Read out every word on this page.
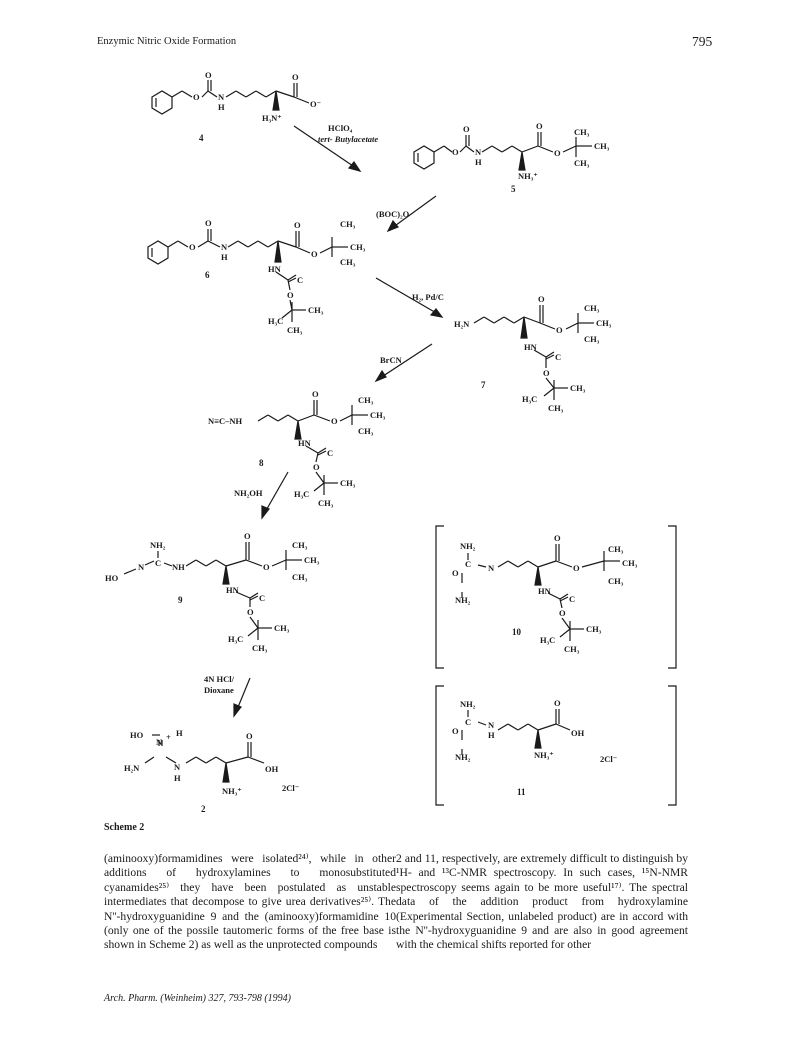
Enzymic Nitric Oxide Formation	795
HClO₄
tert- Butylacetate
(BOC)₂O
H₂, Pd/C
BrCN
NH₂OH
4N HCl/
Dioxane
O
O
N
H
O
O⁻
H₃N⁺
O
O
N
H
O
O
CH₃
CH₃
CH₃
NH₃⁺
O
O
N
H
O
O
CH₃
CH₃
CH₃
HN
C
O
CH₃
H₃C
CH₃
H₂N
O
O
CH₃
CH₃
CH₃
HN
C
O
CH₃
H₃C
CH₃
N≡C–NH
O
O
CH₃
CH₃
CH₃
HN
C
O
CH₃
H₃C
CH₃
NH₂
C
N	NH
HO
O
O
CH₃
CH₃
CH₃
HN
C
O
CH₃
H₃C
CH₃
HO	H
+
N
H₂N	N
H
O
OH
NH₃⁺	2Cl⁻
NH₂
C N
O
NH₂
O
O
CH₃
CH₃
CH₃
HN
C
O
CH₃
H₃C
CH₃
NH₂
C N
H
O
NH₂
O
OH
NH₃⁺	2Cl⁻
4
5
6
7
8
9
10
2
11
Scheme 2

(aminooxy)formamidines were isolated²⁴⁾, while in other additions of hydroxylamines to monosubstituted cyanamides²⁵⁾ they have been postulated as unstable intermediates that decompose to give urea derivatives²⁵⁾. The N''-hydroxyguanidine 9 and the (aminooxy)formamidine 10 (only one of the possile tautomeric forms of the free base is shown in Scheme 2) as well as the unprotected compounds

2 and 11, respectively, are extremely difficult to distinguish by ¹H- and ¹³C-NMR spectroscopy. In such cases, ¹⁵N-NMR spectroscopy seems again to be more useful¹⁷⁾. The spectral data of the addition product from hydroxylamine (Experimental Section, unlabeled product) are in accord with the N''-hydroxyguanidine 9 and are also in good agreement with the chemical shifts reported for other

Arch. Pharm. (Weinheim) 327, 793-798 (1994)
